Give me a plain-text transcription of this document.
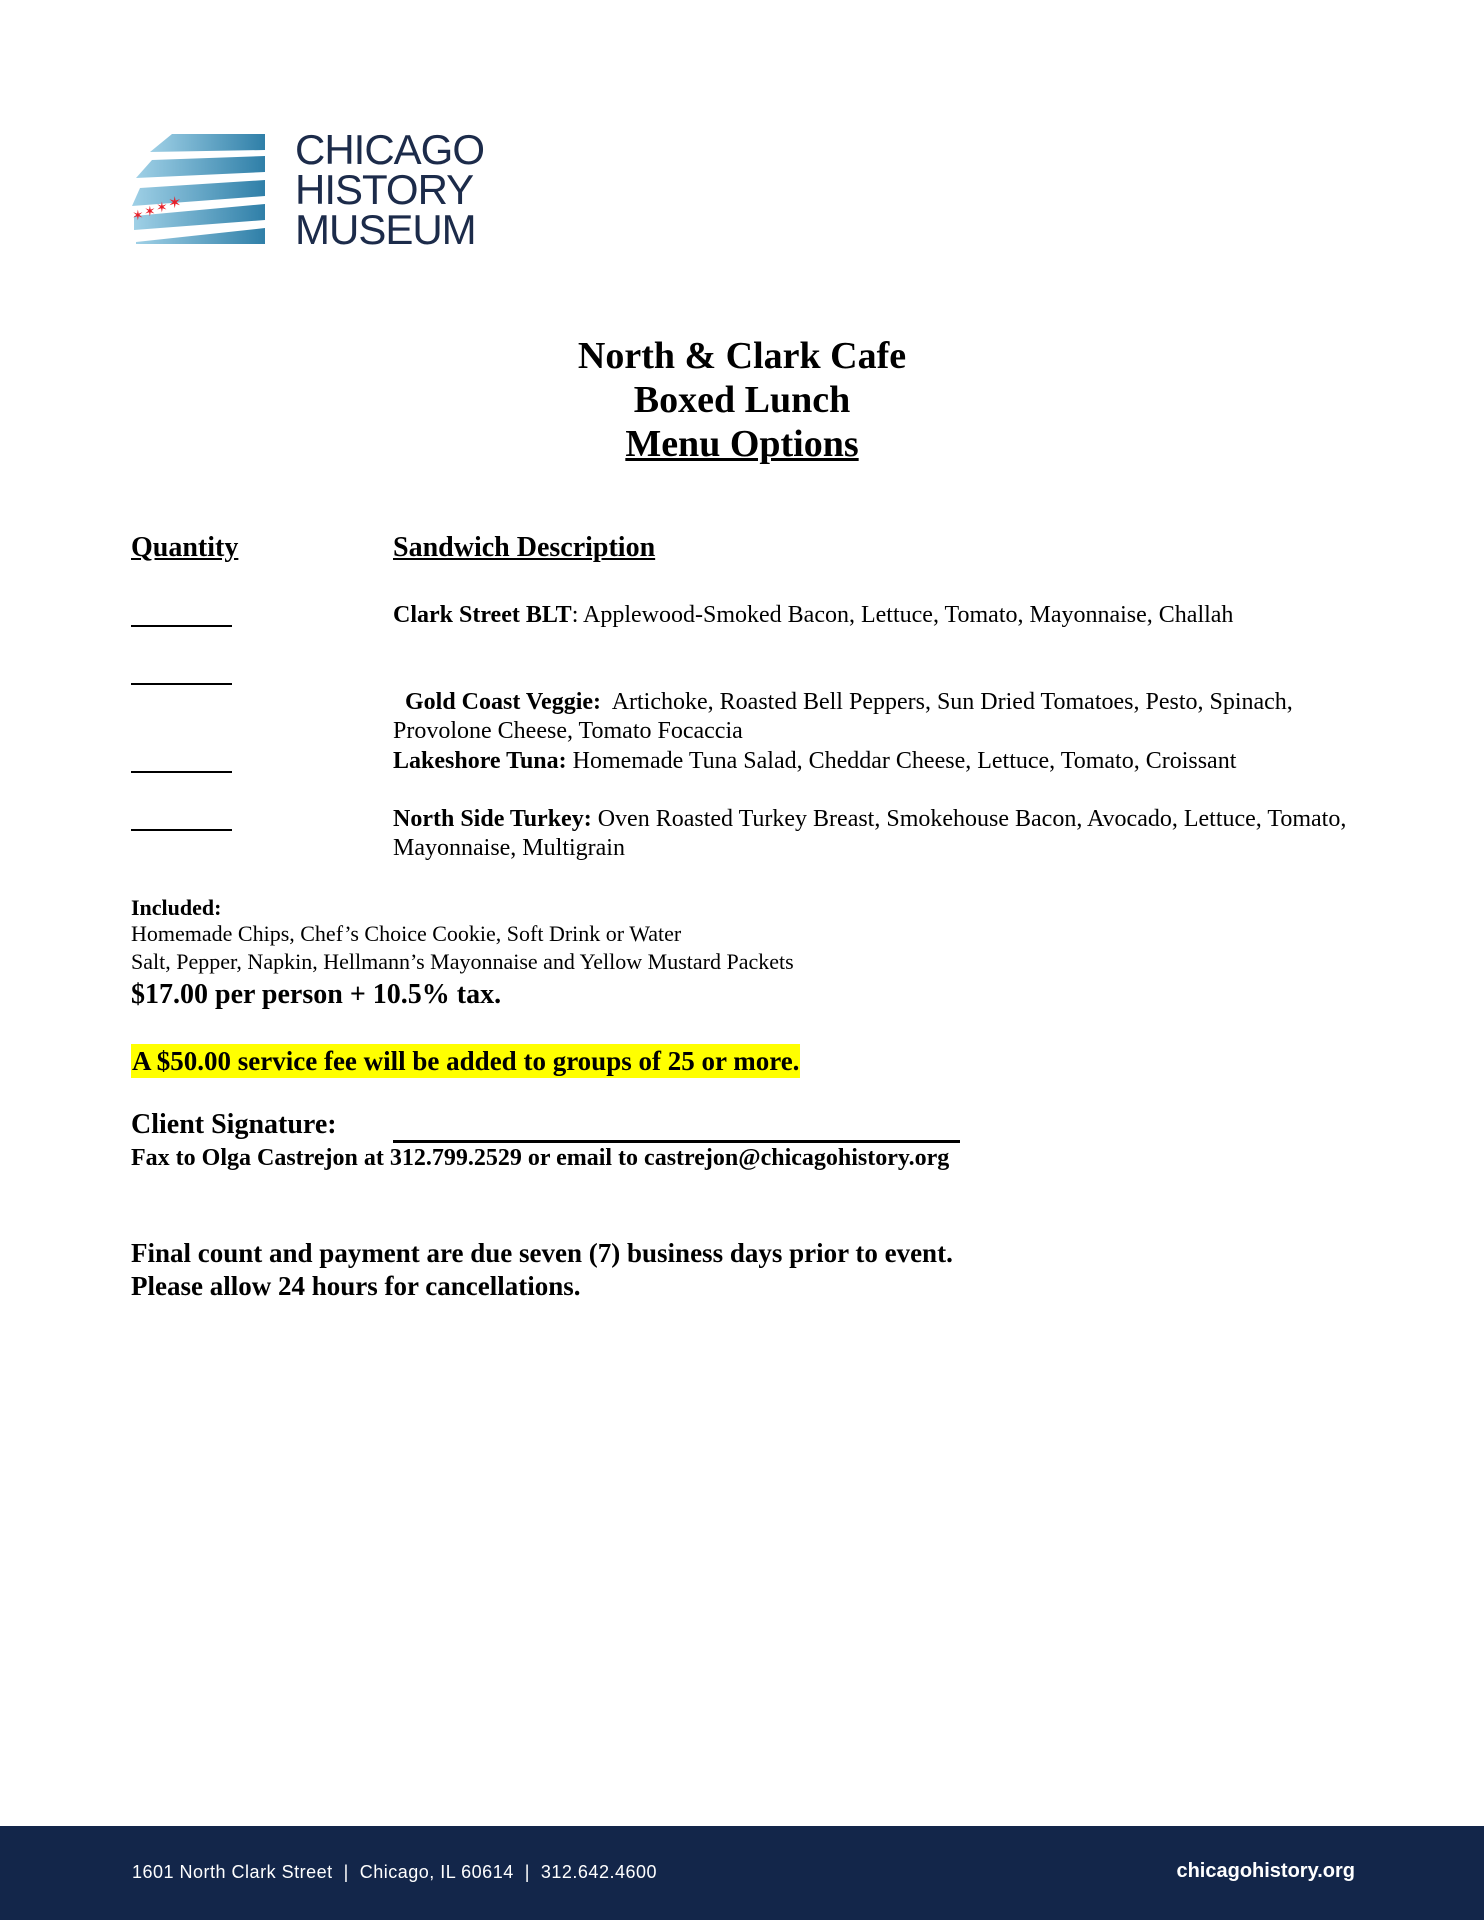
✶ ✶ ✶ ✶
CHICAGO
HISTORY
MUSEUM
North & Clark Cafe
Boxed Lunch
Menu Options
Quantity	Sandwich Description
Clark Street BLT: Applewood-Smoked Bacon, Lettuce, Tomato, Mayonnaise, Challah

Gold Coast Veggie:  Artichoke, Roasted Bell Peppers, Sun Dried Tomatoes, Pesto, Spinach, Provolone Cheese, Tomato Focaccia

Lakeshore Tuna: Homemade Tuna Salad, Cheddar Cheese, Lettuce, Tomato, Croissant
North Side Turkey: Oven Roasted Turkey Breast, Smokehouse Bacon, Avocado, Lettuce, Tomato, Mayonnaise, Multigrain
Included:
Homemade Chips, Chef’s Choice Cookie, Soft Drink or Water
Salt, Pepper, Napkin, Hellmann’s Mayonnaise and Yellow Mustard Packets
$17.00 per person + 10.5% tax.
A $50.00 service fee will be added to groups of 25 or more.
Client Signature:
Fax to Olga Castrejon at 312.799.2529 or email to castrejon@chicagohistory.org
Final count and payment are due seven (7) business days prior to event.
Please allow 24 hours for cancellations.
1601 North Clark Street  |  Chicago, IL 60614  |  312.642.4600	chicagohistory.org
